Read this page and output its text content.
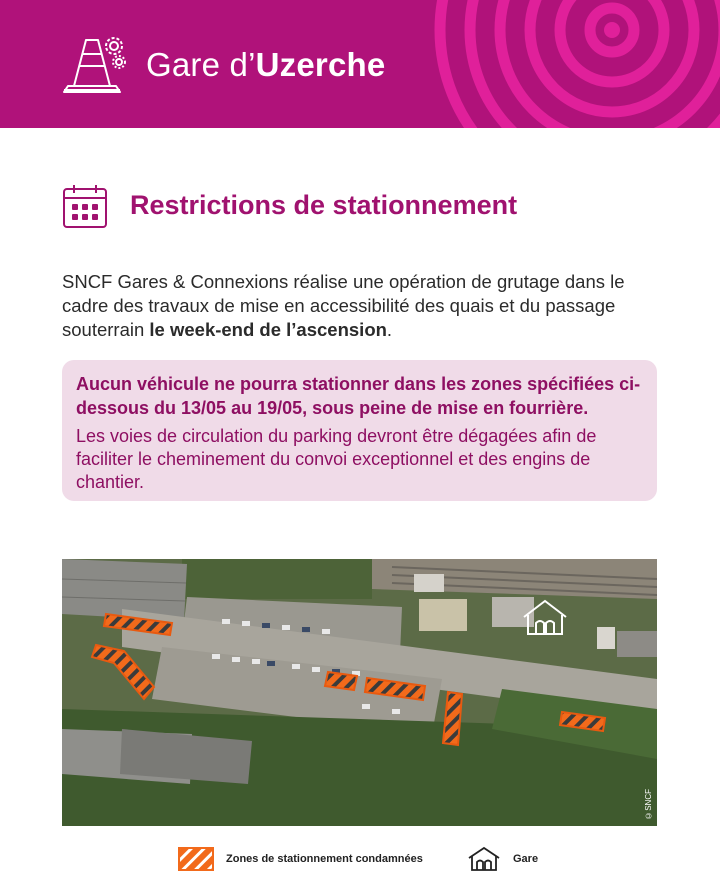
Gare d’Uzerche
Restrictions de stationnement

SNCF Gares & Connexions réalise une opération de grutage dans le cadre des travaux de mise en accessibilité des quais et du passage souterrain le week-end de l’ascension.

Aucun véhicule ne pourra stationner dans les zones spécifiées ci-dessous du 13/05 au 19/05, sous peine de mise en fourrière.

Les voies de circulation du parking devront être dégagées afin de faciliter le cheminement du convoi exceptionnel et des engins de chantier.

©SNCF
Zones de stationnement condamnées	Gare
